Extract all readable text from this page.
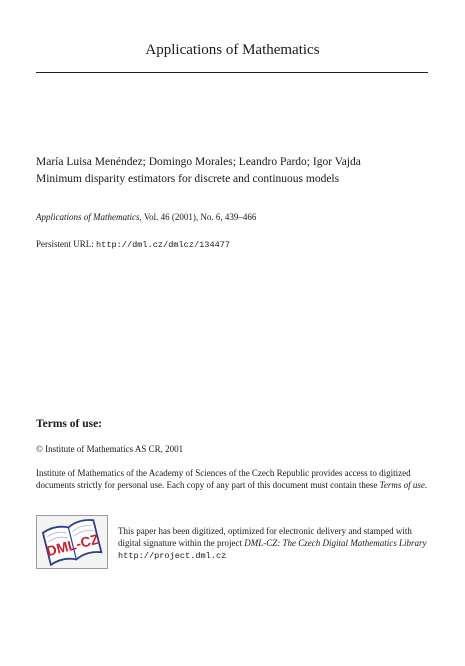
Applications of Mathematics
María Luisa Menéndez; Domingo Morales; Leandro Pardo; Igor Vajda
Minimum disparity estimators for discrete and continuous models
Applications of Mathematics, Vol. 46 (2001), No. 6, 439–466
Persistent URL: http://dml.cz/dmlcz/134477
Terms of use:
© Institute of Mathematics AS CR, 2001
Institute of Mathematics of the Academy of Sciences of the Czech Republic provides access to digitized documents strictly for personal use. Each copy of any part of this document must contain these Terms of use.
DML-CZ This paper has been digitized, optimized for electronic delivery and stamped with digital signature within the project DML-CZ: The Czech Digital Mathematics Library http://project.dml.cz
